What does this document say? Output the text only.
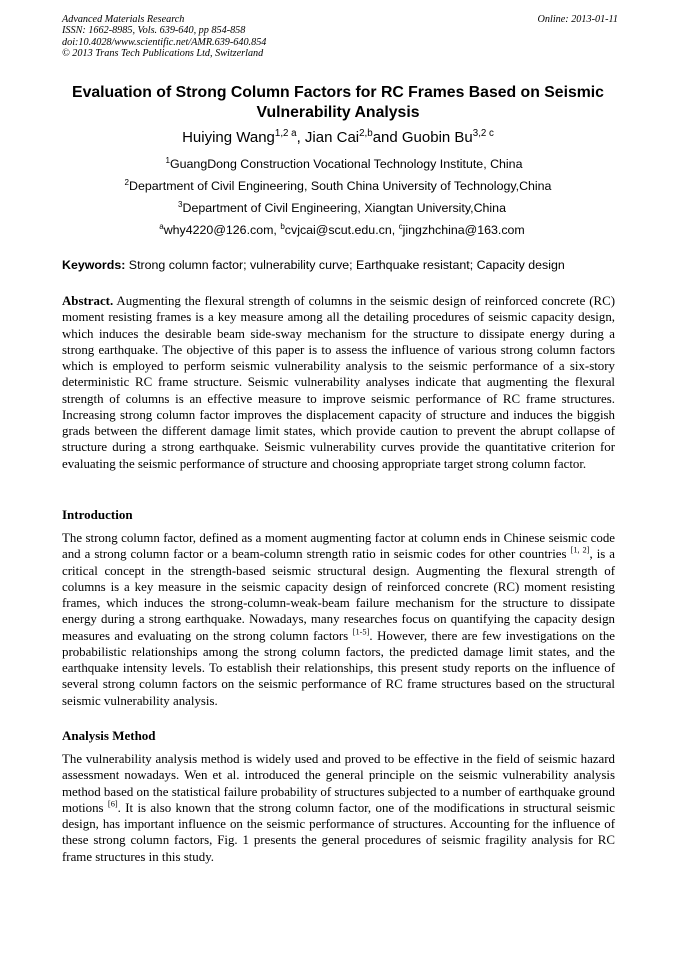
Advanced Materials Research
ISSN: 1662-8985, Vols. 639-640, pp 854-858
doi:10.4028/www.scientific.net/AMR.639-640.854
© 2013 Trans Tech Publications Ltd, Switzerland
Online: 2013-01-11
Evaluation of Strong Column Factors for RC Frames Based on Seismic
Vulnerability Analysis
Huiying Wang$^{1,2 a}$, Jian Cai$^{2,b}$and Guobin $Bu^{3,2 c}$
$^1$GuangDong Construction Vocational Technology Institute, China
$^2$Department of Civil Engineering, South China University of Technology,China
$^3$Department of Civil Engineering, Xiangtan University,China
$^a$why4220@126.com, $^b$cvjcai@scut.edu.cn, $^c$jingzhchina@163.com
Keywords: Strong column factor; vulnerability curve; Earthquake resistant; Capacity design
Abstract. Augmenting the flexural strength of columns in the seismic design of reinforced concrete (RC) moment resisting frames is a key measure among all the detailing procedures of seismic capacity design, which induces the desirable beam side-sway mechanism for the structure to dissipate energy during a strong earthquake. The objective of this paper is to assess the influence of various strong column factors which is employed to perform seismic vulnerability analysis to the seismic performance of a six-story deterministic RC frame structure. Seismic vulnerability analyses indicate that augmenting the flexural strength of columns is an effective measure to improve seismic performance of RC frame structures. Increasing strong column factor improves the displacement capacity of structure and induces the biggish grads between the different damage limit states, which provide caution to prevent the abrupt collapse of structure during a strong earthquake. Seismic vulnerability curves provide the quantitative criterion for evaluating the seismic performance of structure and choosing appropriate target strong column factor.
Introduction
The strong column factor, defined as a moment augmenting factor at column ends in Chinese seismic code and a strong column factor or a beam-column strength ratio in seismic codes for other countries [1, 2], is a critical concept in the strength-based seismic structural design. Augmenting the flexural strength of columns is a key measure in the seismic capacity design of reinforced concrete (RC) moment resisting frames, which induces the strong-column-weak-beam failure mechanism for the structure to dissipate energy during a strong earthquake. Nowadays, many researches focus on quantifying the capacity design measures and evaluating on the strong column factors [1-5]. However, there are few investigations on the probabilistic relationships among the strong column factors, the predicted damage limit states, and the earthquake intensity levels. To establish their relationships, this present study reports on the influence of several strong column factors on the seismic performance of RC frame structures based on the structural seismic vulnerability analysis.
Analysis Method
The vulnerability analysis method is widely used and proved to be effective in the field of seismic hazard assessment nowadays. Wen et al. introduced the general principle on the seismic vulnerability analysis method based on the statistical failure probability of structures subjected to a number of earthquake ground motions [6]. It is also known that the strong column factor, one of the modifications in structural seismic design, has important influence on the seismic performance of structures. Accounting for the influence of these strong column factors, Fig. 1 presents the general procedures of seismic fragility analysis for RC frame structures in this study.
